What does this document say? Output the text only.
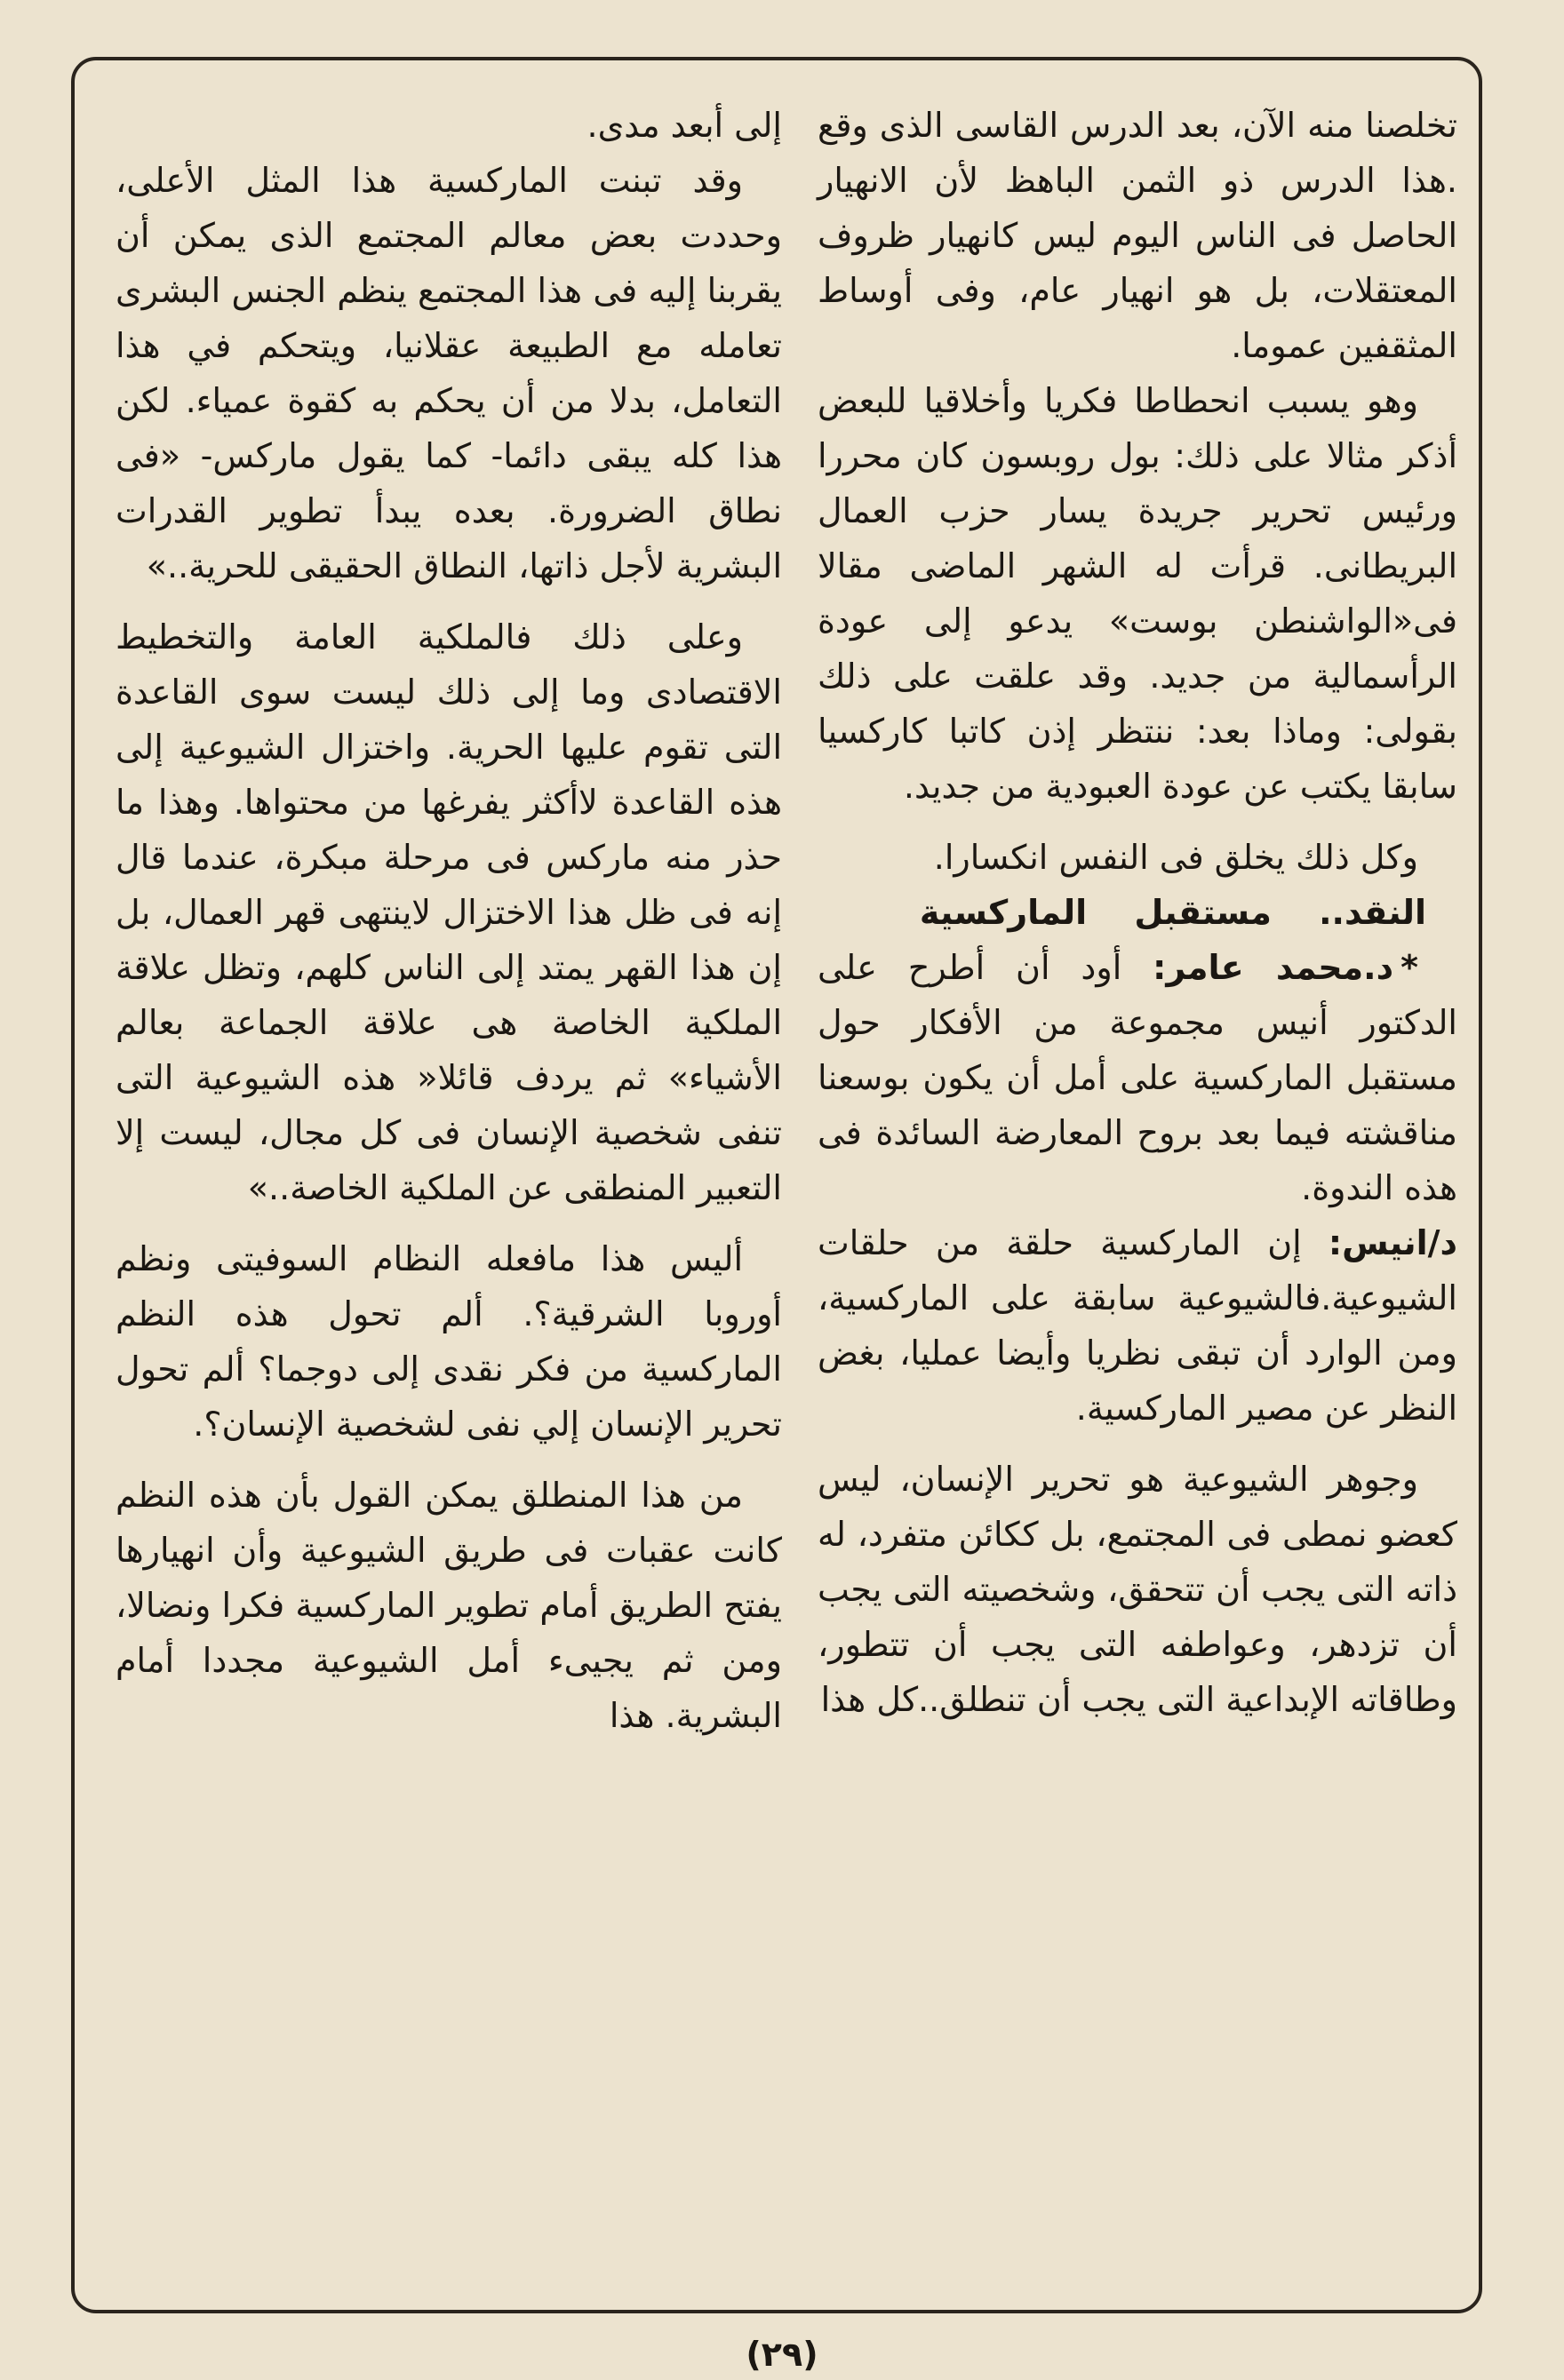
تخلصنا منه الآن، بعد الدرس القاسى الذى وقع .هذا الدرس ذو الثمن الباهظ لأن الانهيار الحاصل فى الناس اليوم ليس كانهيار ظروف المعتقلات، بل هو انهيار عام، وفى أوساط المثقفين عموما.

وهو يسبب انحطاطا فكريا وأخلاقيا للبعض أذكر مثالا على ذلك: بول روبسون كان محررا ورئيس تحرير جريدة يسار حزب العمال البريطانى. قرأت له الشهر الماضى مقالا فى«الواشنطن بوست» يدعو إلى عودة الرأسمالية من جديد. وقد علقت على ذلك بقولى: وماذا بعد: ننتظر إذن كاتبا كاركسيا سابقا يكتب عن عودة العبودية من جديد.

وكل ذلك يخلق فى النفس انكسارا.

النقد.. مستقبل الماركسية

*د.محمد عامر: أود أن أطرح على الدكتور أنيس مجموعة من الأفكار حول مستقبل الماركسية على أمل أن يكون بوسعنا مناقشته فيما بعد بروح المعارضة السائدة فى هذه الندوة.

د/انيس: إن الماركسية حلقة من حلقات الشيوعية.فالشيوعية سابقة على الماركسية، ومن الوارد أن تبقى نظريا وأيضا عمليا، بغض النظر عن مصير الماركسية.

وجوهر الشيوعية هو تحرير الإنسان، ليس كعضو نمطى فى المجتمع، بل ككائن متفرد، له ذاته التى يجب أن تتحقق، وشخصيته التى يجب أن تزدهر، وعواطفه التى يجب أن تتطور، وطاقاته الإبداعية التى يجب أن تنطلق..كل هذا

إلى أبعد مدى.

وقد تبنت الماركسية هذا المثل الأعلى، وحددت بعض معالم المجتمع الذى يمكن أن يقربنا إليه فى هذا المجتمع ينظم الجنس البشرى تعامله مع الطبيعة عقلانيا، ويتحكم في هذا التعامل، بدلا من أن يحكم به كقوة عمياء. لكن هذا كله يبقى دائما- كما يقول ماركس- «فى نطاق الضرورة. بعده يبدأ تطوير القدرات البشرية لأجل ذاتها، النطاق الحقيقى للحرية..»

وعلى ذلك فالملكية العامة والتخطيط الاقتصادى وما إلى ذلك ليست سوى القاعدة التى تقوم عليها الحرية. واختزال الشيوعية إلى هذه القاعدة لاأكثر يفرغها من محتواها. وهذا ما حذر منه ماركس فى مرحلة مبكرة، عندما قال إنه فى ظل هذا الاختزال لاينتهى قهر العمال، بل إن هذا القهر يمتد إلى الناس كلهم، وتظل علاقة الملكية الخاصة هى علاقة الجماعة بعالم الأشياء» ثم يردف قائلا« هذه الشيوعية التى تنفى شخصية الإنسان فى كل مجال، ليست إلا التعبير المنطقى عن الملكية الخاصة..»

أليس هذا مافعله النظام السوفيتى ونظم أوروبا الشرقية؟. ألم تحول هذه النظم الماركسية من فكر نقدى إلى دوجما؟ ألم تحول تحرير الإنسان إلي نفى لشخصية الإنسان؟.

من هذا المنطلق يمكن القول بأن هذه النظم كانت عقبات فى طريق الشيوعية وأن انهيارها يفتح الطريق أمام تطوير الماركسية فكرا ونضالا، ومن ثم يجيىء أمل الشيوعية مجددا أمام البشرية. هذا

(٢٩)
